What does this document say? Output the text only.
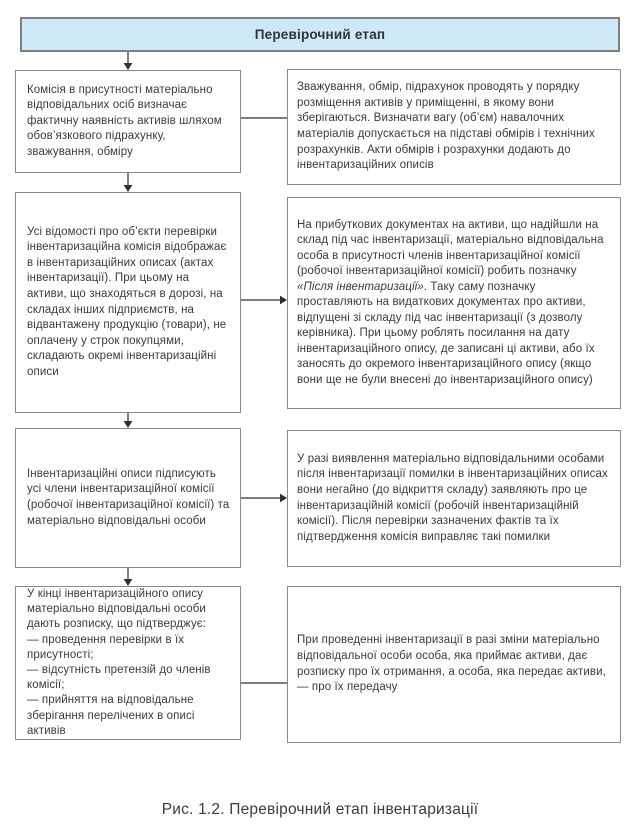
Перевірочний етап
Комісія в присутності матеріально відповідальних осіб визначає фактичну наявність активів шляхом обов’язкового підрахунку, зважування, обміру
Усі відомості про об’єкти перевірки інвентаризаційна комісія відображає в інвентаризаційних описах (актах інвентаризації). При цьому на активи, що знаходяться в дорозі, на складах інших підприємств, на відвантажену продукцію (товари), не оплачену у строк покупцями, складають окремі інвентаризаційні описи
Інвентаризаційні описи підписують усі члени інвентаризаційної комісії (робочої інвентаризаційної комісії) та матеріально відповідальні особи
У кінці інвентаризаційного опису матеріально відповідальні особи дають розписку, що підтверджує:
— проведення перевірки в їх присутності;
— відсутність претензій до членів комісії;
— прийняття на відповідальне зберігання перелічених в описі активів
Зважування, обмір, підрахунок проводять у порядку розміщення активів у приміщенні, в якому вони зберігаються. Визначати вагу (об’єм) навалочних матеріалів допускається на підставі обмірів і технічних розрахунків. Акти обмірів і розрахунки додають до інвентаризаційних описів
На прибуткових документах на активи, що надійшли на склад під час інвентаризації, матеріально відповідальна особа в присутності членів інвентаризаційної комісії (робочої інвентаризаційної комісії) робить позначку «Після інвентаризації». Таку саму позначку проставляють на видаткових документах про активи, відпущені зі складу під час інвентаризації (з дозволу керівника). При цьому роблять посилання на дату інвентаризаційного опису, де записані ці активи, або їх заносять до окремого інвентаризаційного опису (якщо вони ще не були внесені до інвентаризаційного опису)
У разі виявлення матеріально відповідальними особами після інвентаризації помилки в інвентаризаційних описах вони негайно (до відкриття складу) заявляють про це інвентаризаційній комісії (робочій інвентаризаційній комісії). Після перевірки зазначених фактів та їх підтвердження комісія виправляє такі помилки
При проведенні інвентаризації в разі зміни матеріально відповідальної особи особа, яка приймає активи, дає розписку про їх отримання, а особа, яка передає активи, — про їх передачу
Рис. 1.2. Перевірочний етап інвентаризації
